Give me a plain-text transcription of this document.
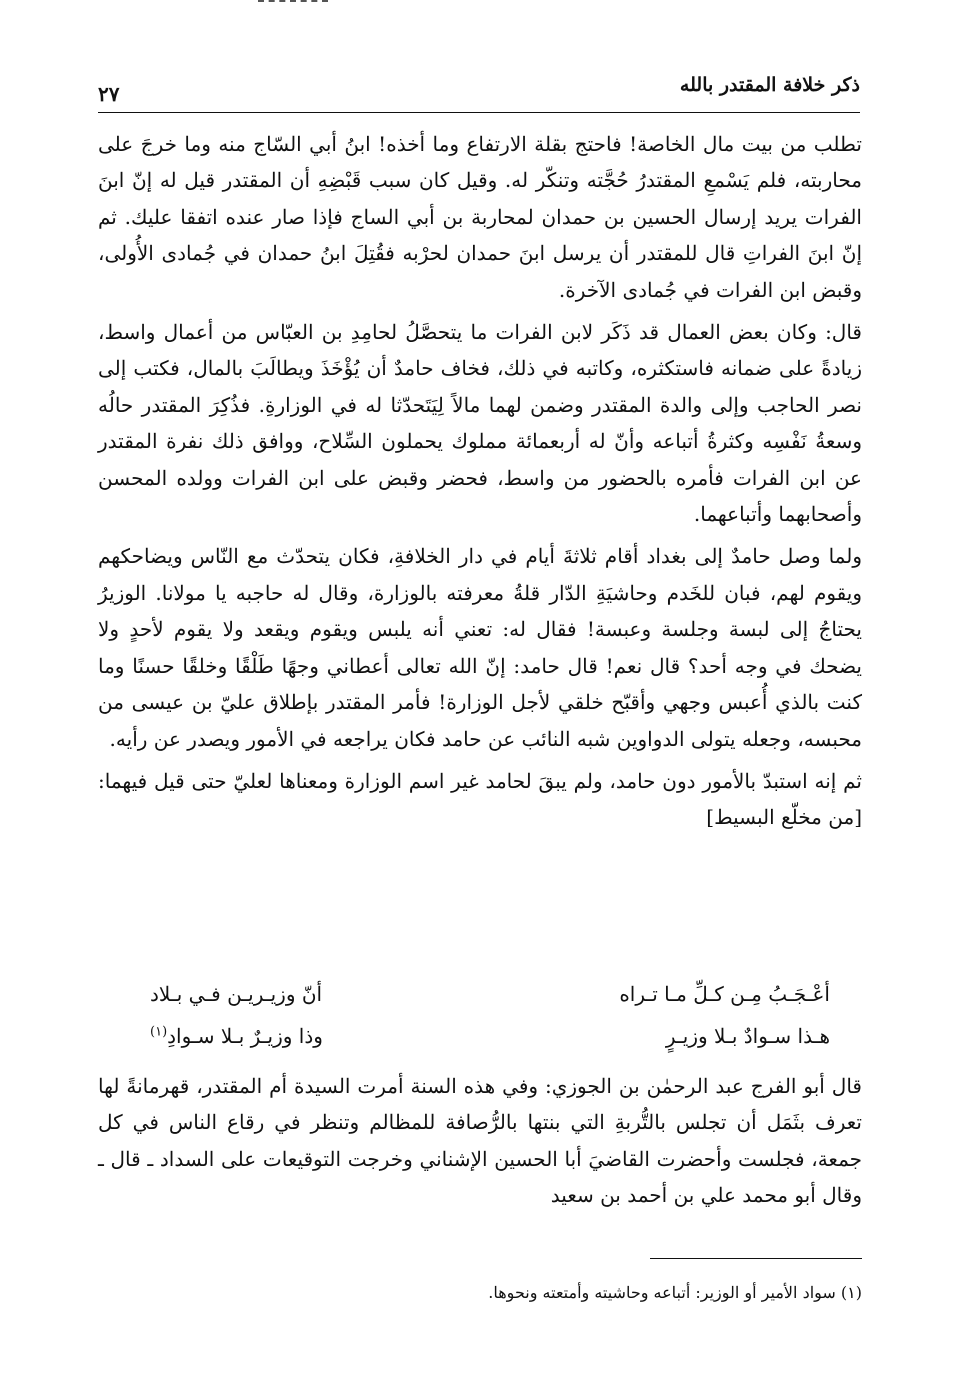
ذكر خلافة المقتدر بالله
٢٧

تطلب من بيت مال الخاصة! فاحتج بقلة الارتفاع وما أخذه! ابنُ أبي السّاج منه وما خرجَ على محاربته، فلم يَسْمعِ المقتدرُ حُجَّته وتنكّر له. وقيل كان سبب قَبْضِهِ أن المقتدر قيل له إنّ ابنَ الفرات يريد إرسال الحسين بن حمدان لمحاربة بن أبي الساج فإذا صار عنده اتفقا عليك. ثم إنّ ابنَ الفراتِ قال للمقتدر أن يرسل ابنَ حمدان لحرْبه فقُتِلَ ابنُ حمدان في جُمادى الأُولى، وقبض ابن الفرات في جُمادى الآخرة.

قال: وكان بعض العمال قد ذَكَر لابن الفرات ما يتحصَّلُ لحامِدِ بن العبّاس من أعمال واسط، زيادةً على ضمانه فاستكثره، وكاتبه في ذلك، فخاف حامدٌ أن يُؤْخَذَ ويطالَبَ بالمال، فكتب إلى نصر الحاجب وإلى والدة المقتدر وضمن لهما مالاً لِيَتَحدّثا له في الوزارةِ. فذُكِرَ المقتدر حالُه وسعةُ نَفْسِه وكثرةُ أتباعه وأنّ له أربعمائة مملوك يحملون السِّلاح، ووافق ذلك نفرة المقتدر عن ابن الفرات فأمره بالحضور من واسط، فحضر وقبض على ابن الفرات وولده المحسن وأصحابهما وأتباعهما.

ولما وصل حامدٌ إلى بغداد أقام ثلاثةَ أيام في دار الخلافةِ، فكان يتحدّث مع النّاس ويضاحكهم ويقوم لهم، فبان للخَدم وحاشيَةِ الدّار قلةُ معرفته بالوزارة، وقال له حاجبه يا مولانا. الوزيرُ يحتاجُ إلى لبسة وجلسة وعبسة! فقال له: تعني أنه يلبس ويقوم ويقعد ولا يقوم لأحدٍ ولا يضحك في وجه أحد؟ قال نعم! قال حامد: إنّ الله تعالى أعطاني وجهًا طَلْقًا وخلقًا حسنًا وما كنت بالذي أُعبس وجهي وأقبّح خلقي لأجل الوزارة! فأمر المقتدر بإطلاق عليّ بن عيسى من محبسه، وجعله يتولى الدواوين شبه النائب عن حامد فكان يراجعه في الأمور ويصدر عن رأيه.

ثم إنه استبدّ بالأمور دون حامد، ولم يبقَ لحامد غير اسم الوزارة ومعناها لعليّ حتى قيل فيهما: [من مخلّع البسيط]

أعْـجَـبُ مِـن كـلِّ مـا تـراه
أنّ وزيـريـن فـي بـلاد
هـذا سـوادٌ بـلا وزيـرٍ
وذا وزيـرٌ بـلا سـوادِ$^{(١)}$

قال أبو الفرج عبد الرحمٰن بن الجوزي: وفي هذه السنة أمرت السيدة أم المقتدر، قهرمانةً لها تعرف بثَمَل أن تجلس بالتُّربةِ التي بنتها بالرُّصافة للمظالم وتنظر في رقاع الناس في كل جمعة، فجلست وأحضرت القاضيَ أبا الحسين الإشناني وخرجت التوقيعات على السداد ـ قال ـ وقال أبو محمد علي بن أحمد بن سعيد

(١) سواد الأمير أو الوزير: أتباعه وحاشيته وأمتعته ونحوها.
